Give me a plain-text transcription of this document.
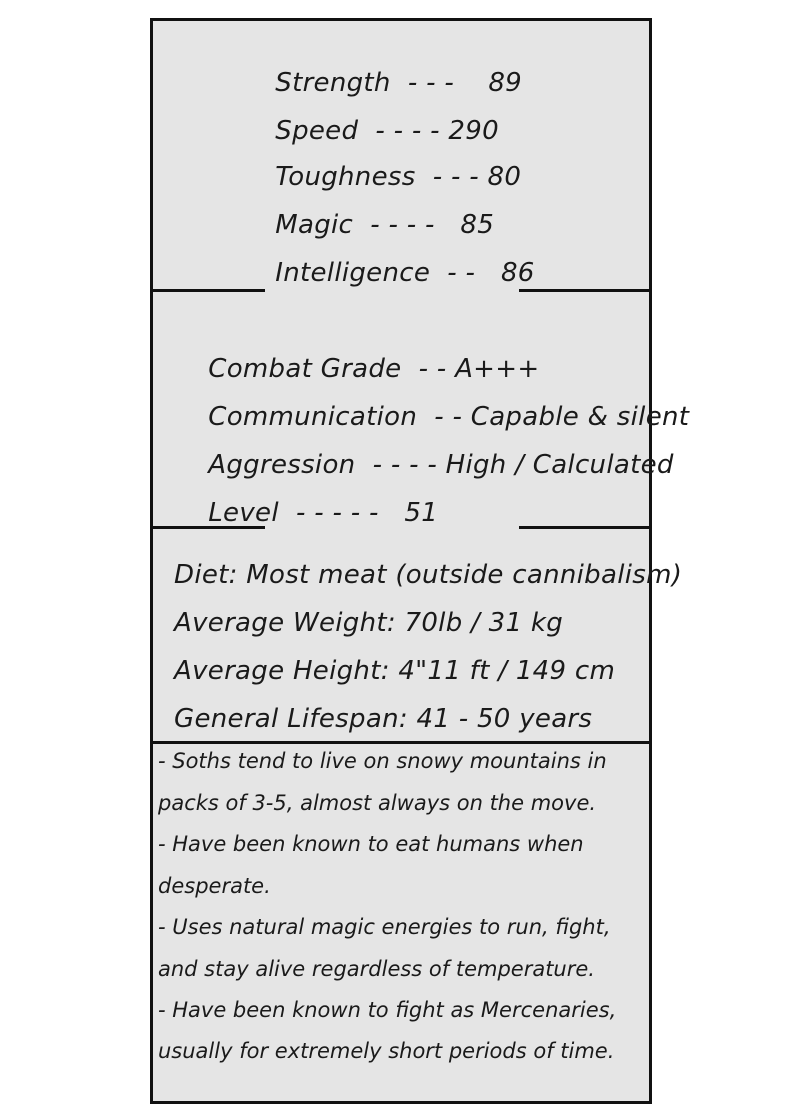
Strength - - - 89

Speed - - - - 290

Toughness - - - 80

Magic - - - - 85

Intelligence - - 86

Combat Grade - - A+++

Communication - - Capable & silent

Aggression - - - - High / Calculated

Level - - - - - 51

Diet: Most meat (outside cannibalism)
Average Weight: 70lb / 31 kg
Average Height: 4"11 ft / 149 cm
General Lifespan: 41 - 50 years
- Soths tend to live on snowy mountains in
packs of 3-5, almost always on the move.
- Have been known to eat humans when
desperate.
- Uses natural magic energies to run, fight,
and stay alive regardless of temperature.
- Have been known to fight as Mercenaries,
usually for extremely short periods of time.
